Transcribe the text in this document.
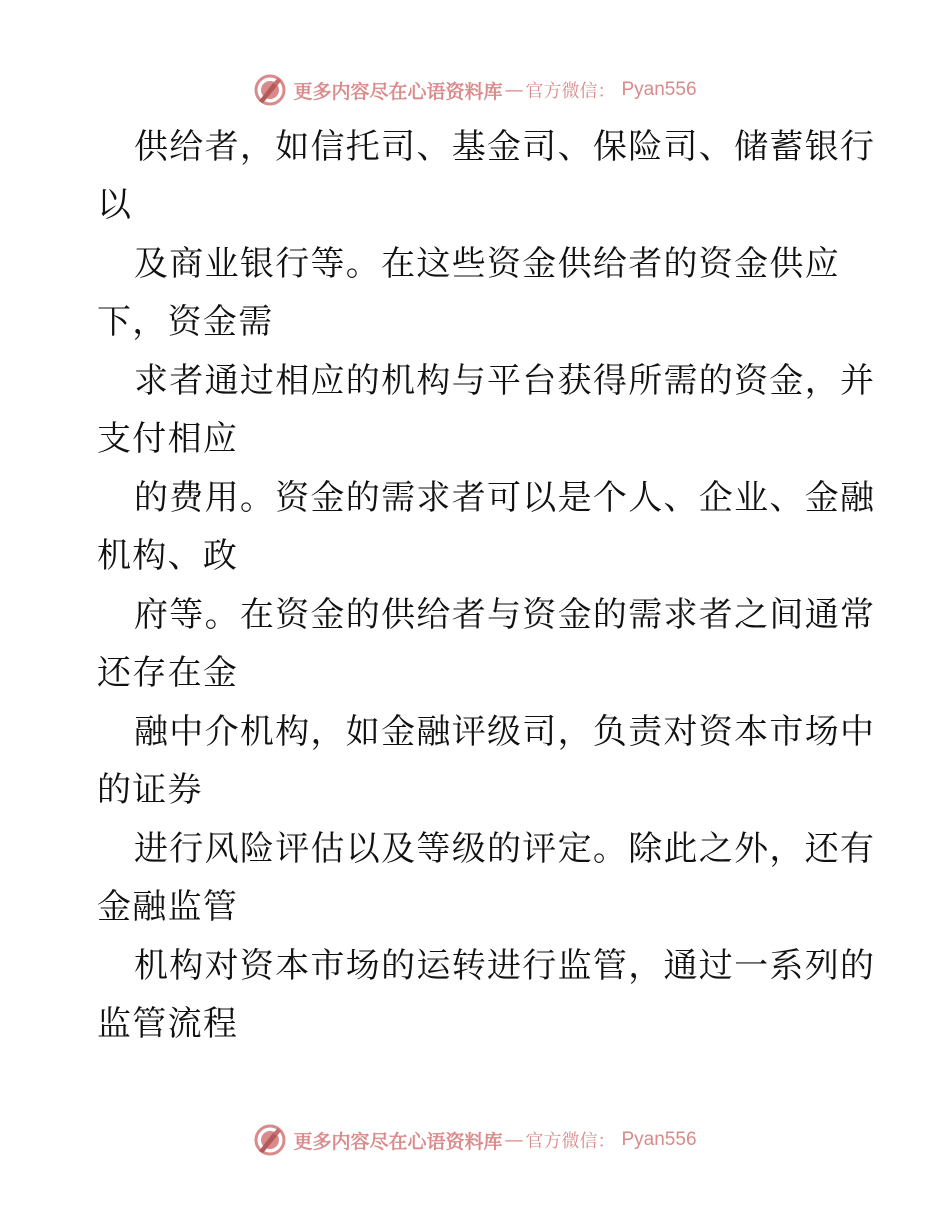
更多内容尽在心语资料库 — 官方微信： Pyan556
供给者，如信托司、基金司、保险司、储蓄银行
以
及商业银行等。在这些资金供给者的资金供应
下，资金需
求者通过相应的机构与平台获得所需的资金，并
支付相应
的费用。资金的需求者可以是个人、企业、金融
机构、政
府等。在资金的供给者与资金的需求者之间通常
还存在金
融中介机构，如金融评级司，负责对资本市场中
的证券
进行风险评估以及等级的评定。除此之外，还有
金融监管
机构对资本市场的运转进行监管，通过一系列的
监管流程
更多内容尽在心语资料库 — 官方微信： Pyan556
